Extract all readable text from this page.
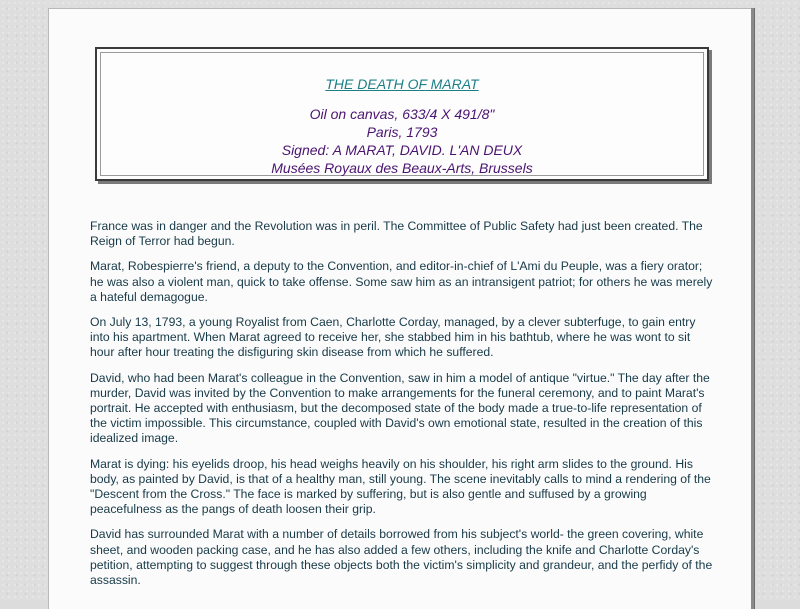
THE DEATH OF MARAT
Oil on canvas, 633/4 X 491/8"
Paris, 1793
Signed: A MARAT, DAVID. L'AN DEUX
Musées Royaux des Beaux-Arts, Brussels

France was in danger and the Revolution was in peril. The Committee of Public Safety had just been created. The Reign of Terror had begun.

Marat, Robespierre's friend, a deputy to the Convention, and editor-in-chief of L'Ami du Peuple, was a fiery orator; he was also a violent man, quick to take offense. Some saw him as an intransigent patriot; for others he was merely a hateful demagogue.

On July 13, 1793, a young Royalist from Caen, Charlotte Corday, managed, by a clever subterfuge, to gain entry into his apartment. When Marat agreed to receive her, she stabbed him in his bathtub, where he was wont to sit hour after hour treating the disfiguring skin disease from which he suffered.

David, who had been Marat's colleague in the Convention, saw in him a model of antique "virtue." The day after the murder, David was invited by the Convention to make arrangements for the funeral ceremony, and to paint Marat's portrait. He accepted with enthusiasm, but the decomposed state of the body made a true-to-life representation of the victim impossible. This circumstance, coupled with David's own emotional state, resulted in the creation of this idealized image.

Marat is dying: his eyelids droop, his head weighs heavily on his shoulder, his right arm slides to the ground. His body, as painted by David, is that of a healthy man, still young. The scene inevitably calls to mind a rendering of the "Descent from the Cross." The face is marked by suffering, but is also gentle and suffused by a growing peacefulness as the pangs of death loosen their grip.

David has surrounded Marat with a number of details borrowed from his subject's world- the green covering, white sheet, and wooden packing case, and he has also added a few others, including the knife and Charlotte Corday's petition, attempting to suggest through these objects both the victim's simplicity and grandeur, and the perfidy of the assassin.
